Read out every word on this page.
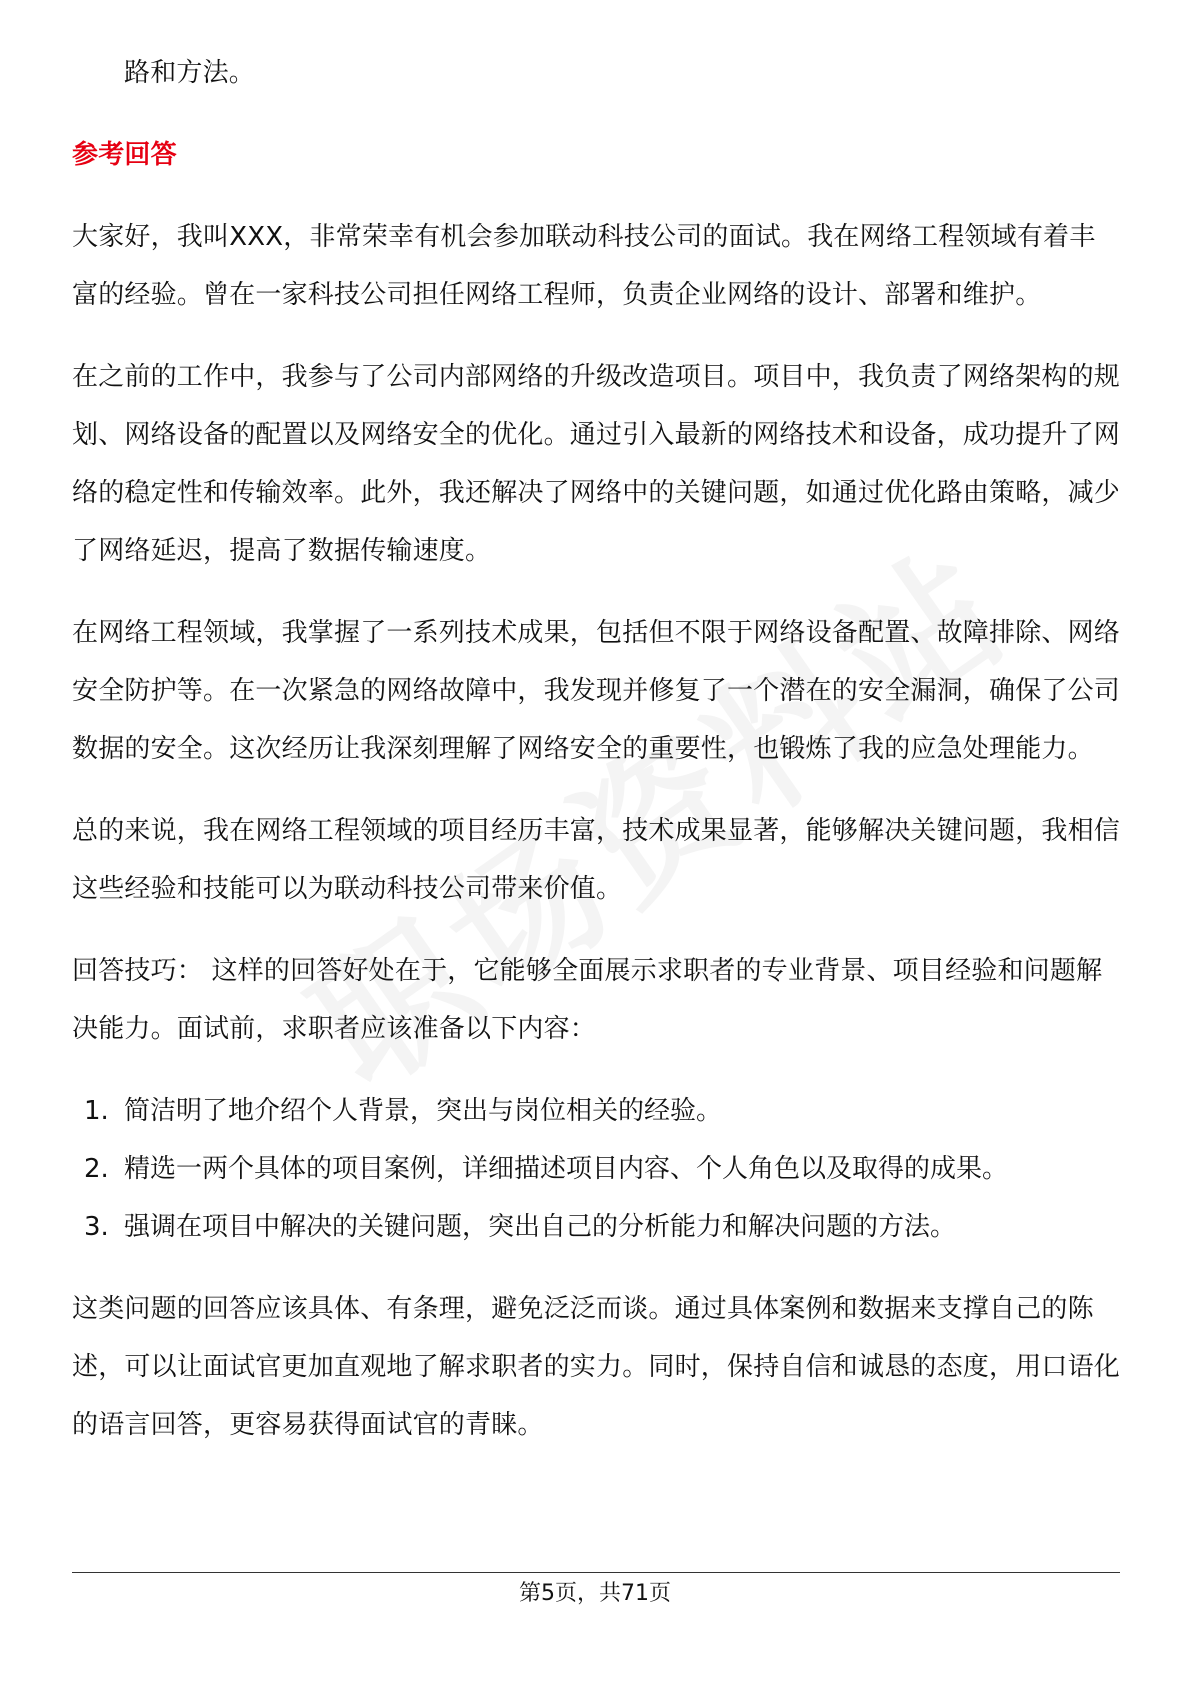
路和方法。

参考回答

大家好，我叫XXX，非常荣幸有机会参加联动科技公司的面试。我在网络工程领域有着丰富的经验。曾在一家科技公司担任网络工程师，负责企业网络的设计、部署和维护。

在之前的工作中，我参与了公司内部网络的升级改造项目。项目中，我负责了网络架构的规划、网络设备的配置以及网络安全的优化。通过引入最新的网络技术和设备，成功提升了网络的稳定性和传输效率。此外，我还解决了网络中的关键问题，如通过优化路由策略，减少了网络延迟，提高了数据传输速度。

在网络工程领域，我掌握了一系列技术成果，包括但不限于网络设备配置、故障排除、网络安全防护等。在一次紧急的网络故障中，我发现并修复了一个潜在的安全漏洞，确保了公司数据的安全。这次经历让我深刻理解了网络安全的重要性，也锻炼了我的应急处理能力。

总的来说，我在网络工程领域的项目经历丰富，技术成果显著，能够解决关键问题，我相信这些经验和技能可以为联动科技公司带来价值。

回答技巧： 这样的回答好处在于，它能够全面展示求职者的专业背景、项目经验和问题解决能力。面试前，求职者应该准备以下内容：

1. 简洁明了地介绍个人背景，突出与岗位相关的经验。
2. 精选一两个具体的项目案例，详细描述项目内容、个人角色以及取得的成果。
3. 强调在项目中解决的关键问题，突出自己的分析能力和解决问题的方法。

这类问题的回答应该具体、有条理，避免泛泛而谈。通过具体案例和数据来支撑自己的陈述，可以让面试官更加直观地了解求职者的实力。同时，保持自信和诚恳的态度，用口语化的语言回答，更容易获得面试官的青睐。

第5页，共71页
